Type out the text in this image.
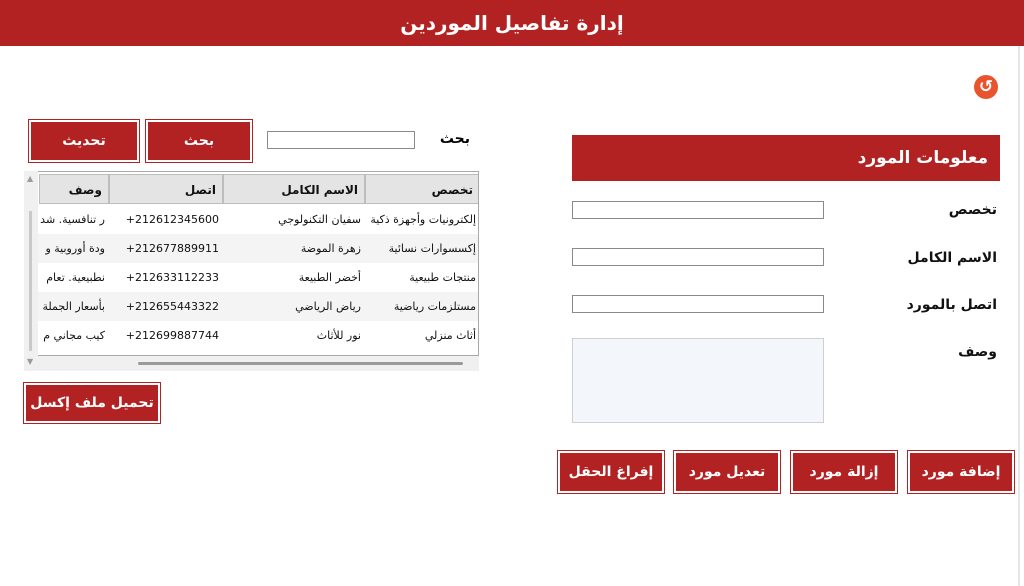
إدارة تفاصيل الموردين
↺
معلومات المورد
تخصص
الاسم الكامل
اتصل بالمورد
وصف
إضافة مورد
إزالة مورد
تعديل مورد
إفراغ الحقل
بحث
بحث
تحديث
تخصص
الاسم الكامل
اتصل
وصف
إلكترونيات وأجهزة ذكية
سفيان التكنولوجي
+212612345600
ر تنافسية. شد
إكسسوارات نسائية
زهرة الموضة
+212677889911
ودة أوروبية و
منتجات طبيعية
أخضر الطبيعة
+212633112233
نطبيعية. تعام
مستلزمات رياضية
رياض الرياضي
+212655443322
بأسعار الجملة
أثاث منزلي
نور للأثاث
+212699887744
كيب مجاني م
▲
▼
تحميل ملف إكسل
